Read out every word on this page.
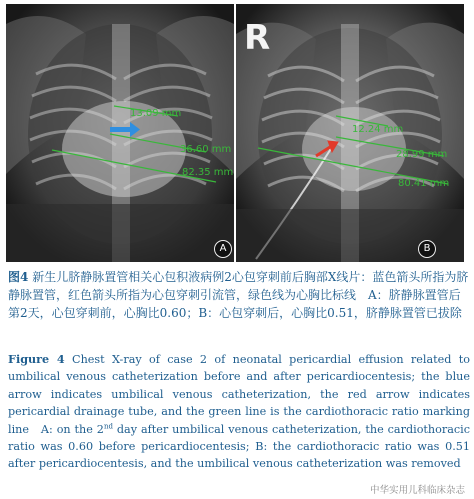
13.09 mm
36.60 mm
82.35 mm
A
R
12.24 mm
28.99 mm
80.41 mm
B

图4 新生儿脐静脉置管相关心包积液病例2心包穿刺前后胸部X线片：蓝色箭头所指为脐静脉置管，红色箭头所指为心包穿刺引流管，绿色线为心胸比标线　A：脐静脉置管后第2天，心包穿刺前，心胸比0.60；B：心包穿刺后，心胸比0.51，脐静脉置管已拔除

Figure 4 Chest X-ray of case 2 of neonatal pericardial effusion related to umbilical venous catheterization before and after pericardiocentesis; the blue arrow indicates umbilical venous catheterization, the red arrow indicates pericardial drainage tube, and the green line is the cardiothoracic ratio marking line　A: on the 2nd day after umbilical venous catheterization, the cardiothoracic ratio was 0.60 before pericardiocentesis; B: the cardiothoracic ratio was 0.51 after pericardiocentesis, and the umbilical venous catheterization was removed

中华实用儿科临床杂志
